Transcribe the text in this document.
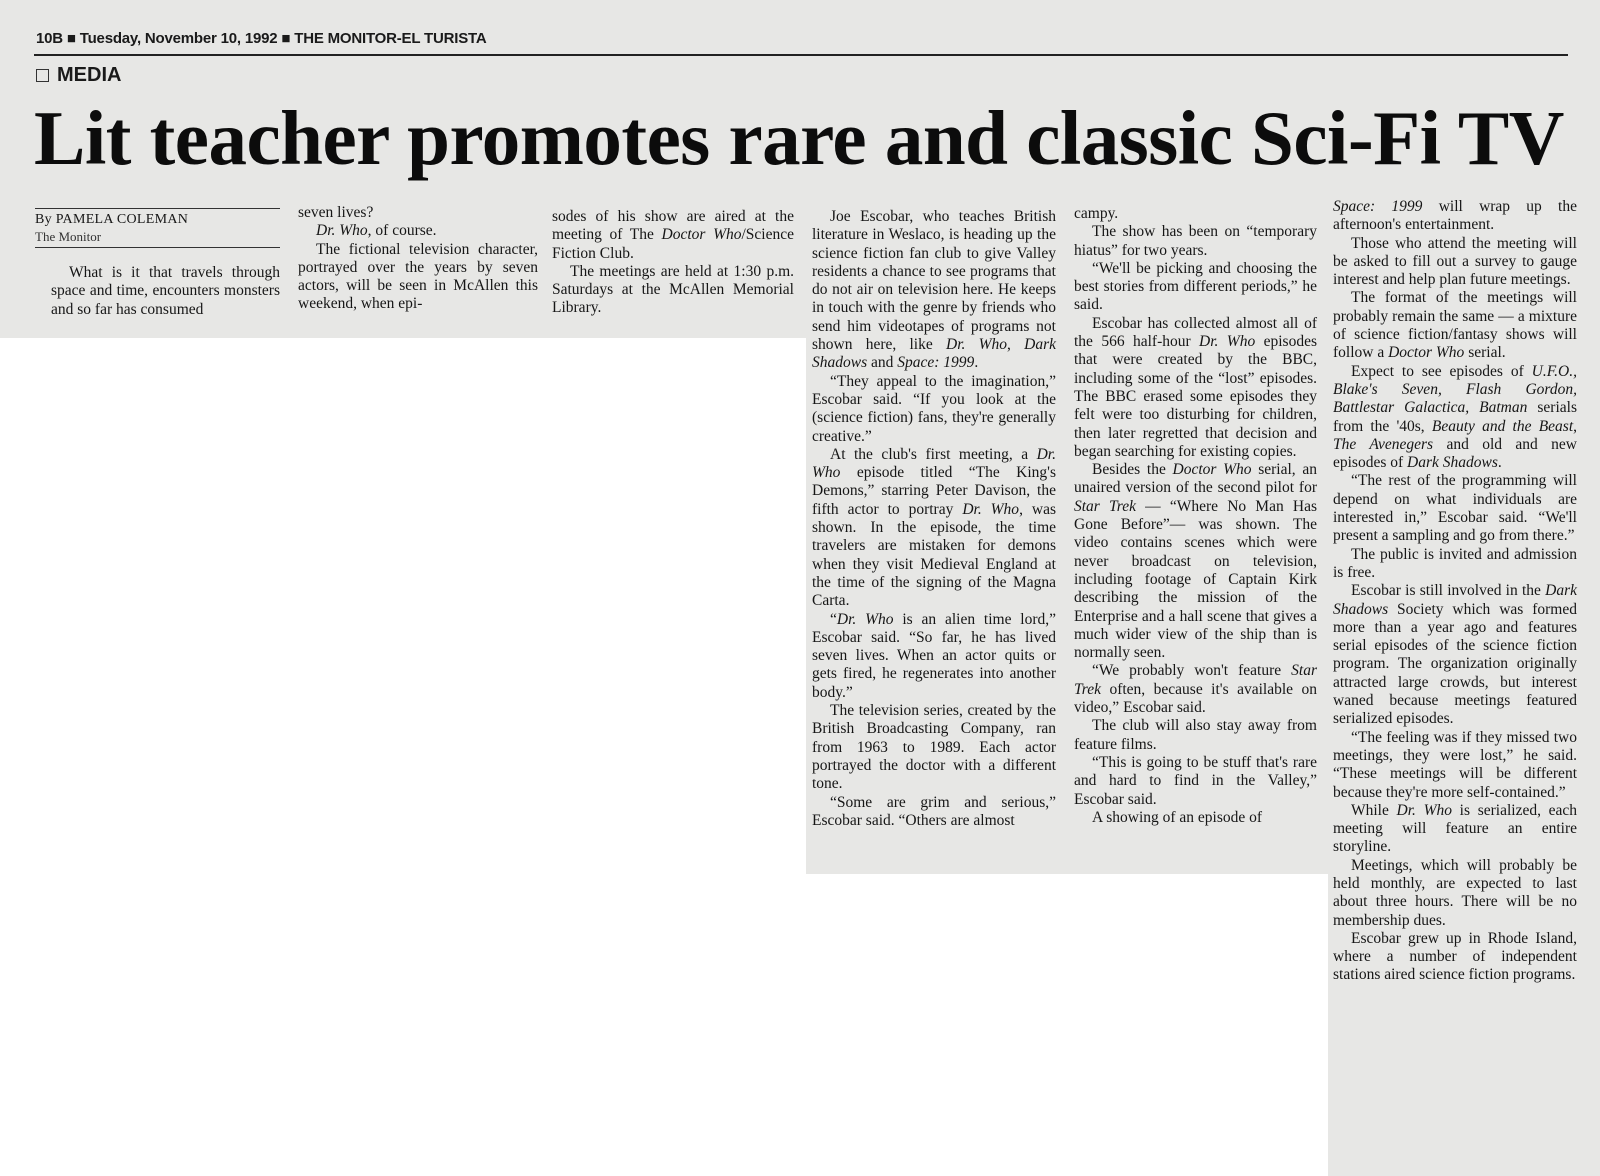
10B ■ Tuesday, November 10, 1992 ■ THE MONITOR-EL TURISTA
MEDIA
Lit teacher promotes rare and classic Sci-Fi TV
By PAMELA COLEMAN
The Monitor

What is it that travels through space and time, encounters monsters and so far has consumed

seven lives?

Dr. Who, of course.

The fictional television character, portrayed over the years by seven actors, will be seen in McAllen this weekend, when epi-

sodes of his show are aired at the meeting of The Doctor Who/Science Fiction Club.

The meetings are held at 1:30 p.m. Saturdays at the McAllen Memorial Library.

Joe Escobar, who teaches British literature in Weslaco, is heading up the science fiction fan club to give Valley residents a chance to see programs that do not air on television here. He keeps in touch with the genre by friends who send him videotapes of programs not shown here, like Dr. Who, Dark Shadows and Space: 1999.

“They appeal to the imagination,” Escobar said. “If you look at the (science fiction) fans, they're generally creative.”

At the club's first meeting, a Dr. Who episode titled “The King's Demons,” starring Peter Davison, the fifth actor to portray Dr. Who, was shown. In the episode, the time travelers are mistaken for demons when they visit Medieval England at the time of the signing of the Magna Carta.

“Dr. Who is an alien time lord,” Escobar said. “So far, he has lived seven lives. When an actor quits or gets fired, he regenerates into another body.”

The television series, created by the British Broadcasting Company, ran from 1963 to 1989. Each actor portrayed the doctor with a different tone.

“Some are grim and serious,” Escobar said. “Others are almost

campy.

The show has been on “temporary hiatus” for two years.

“We'll be picking and choosing the best stories from different periods,” he said.

Escobar has collected almost all of the 566 half-hour Dr. Who episodes that were created by the BBC, including some of the “lost” episodes. The BBC erased some episodes they felt were too disturbing for children, then later regretted that decision and began searching for existing copies.

Besides the Doctor Who serial, an unaired version of the second pilot for Star Trek — “Where No Man Has Gone Before”— was shown. The video contains scenes which were never broadcast on television, including footage of Captain Kirk describing the mission of the Enterprise and a hall scene that gives a much wider view of the ship than is normally seen.

“We probably won't feature Star Trek often, because it's available on video,” Escobar said.

The club will also stay away from feature films.

“This is going to be stuff that's rare and hard to find in the Valley,” Escobar said.

A showing of an episode of

Space: 1999 will wrap up the afternoon's entertainment.

Those who attend the meeting will be asked to fill out a survey to gauge interest and help plan future meetings.

The format of the meetings will probably remain the same — a mixture of science fiction/fantasy shows will follow a Doctor Who serial.

Expect to see episodes of U.F.O., Blake's Seven, Flash Gordon, Battlestar Galactica, Batman serials from the '40s, Beauty and the Beast, The Avenegers and old and new episodes of Dark Shadows.

“The rest of the programming will depend on what individuals are interested in,” Escobar said. “We'll present a sampling and go from there.”

The public is invited and admission is free.

Escobar is still involved in the Dark Shadows Society which was formed more than a year ago and features serial episodes of the science fiction program. The organization originally attracted large crowds, but interest waned because meetings featured serialized episodes.

“The feeling was if they missed two meetings, they were lost,” he said. “These meetings will be different because they're more self-contained.”

While Dr. Who is serialized, each meeting will feature an entire storyline.

Meetings, which will probably be held monthly, are expected to last about three hours. There will be no membership dues.

Escobar grew up in Rhode Island, where a number of independent stations aired science fiction programs.
